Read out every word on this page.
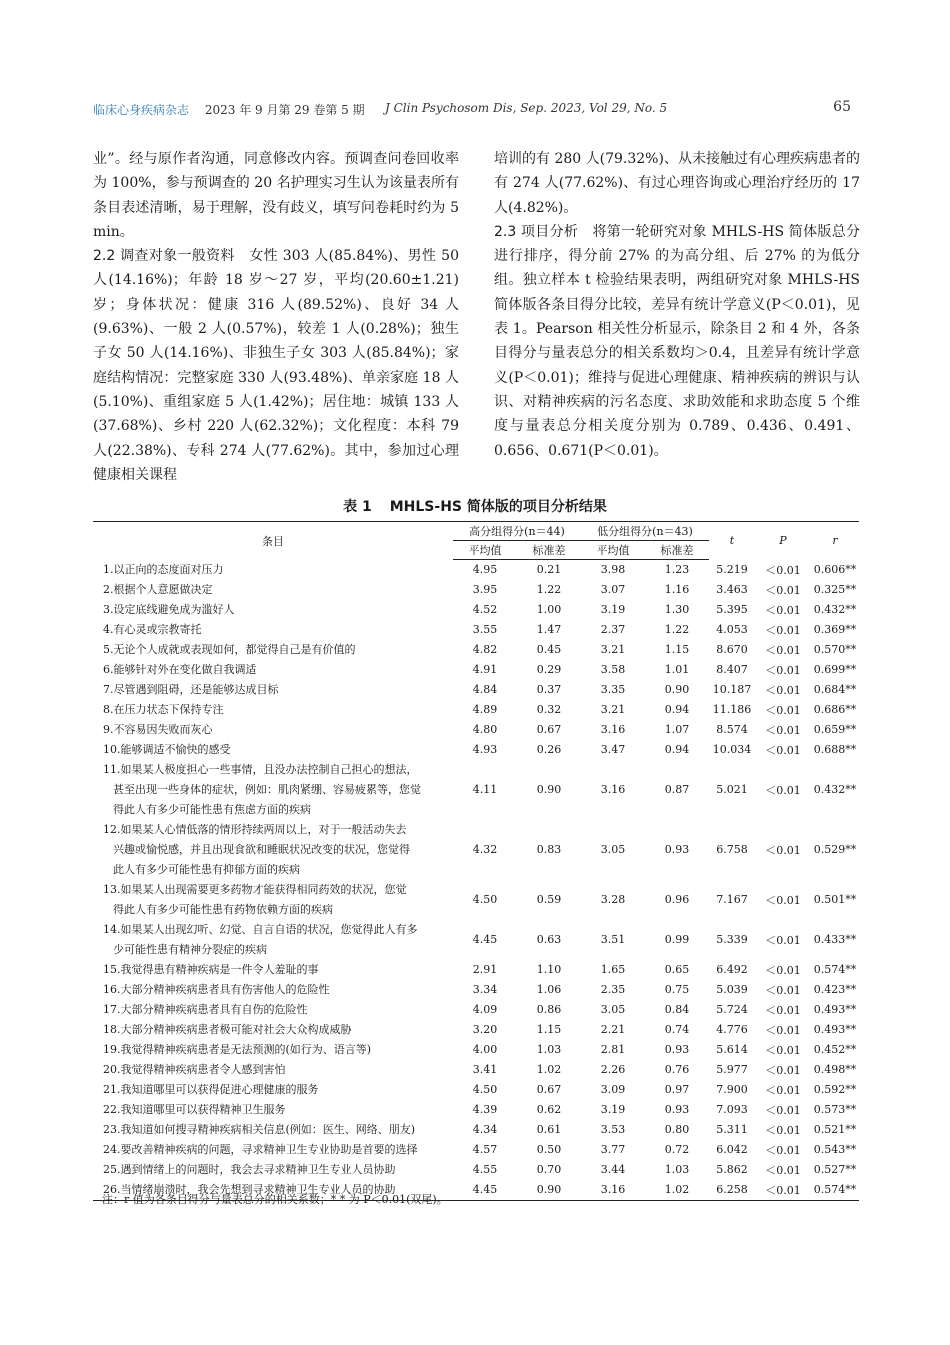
临床心身疾病杂志 2023 年 9 月第 29 卷第 5 期 J Clin Psychosom Dis, Sep. 2023, Vol 29, No. 5	65

业”。经与原作者沟通，同意修改内容。预调查问卷回收率为 100%，参与预调查的 20 名护理实习生认为该量表所有条目表述清晰，易于理解，没有歧义，填写问卷耗时约为 5 min。

2.2 调查对象一般资料 女性 303 人(85.84%)、男性 50 人(14.16%)；年龄 18 岁～27 岁，平均(20.60±1.21)岁；身体状况：健康 316 人(89.52%)、良好 34 人(9.63%)、一般 2 人(0.57%)，较差 1 人(0.28%)；独生子女 50 人(14.16%)、非独生子女 303 人(85.84%)；家庭结构情况：完整家庭 330 人(93.48%)、单亲家庭 18 人(5.10%)、重组家庭 5 人(1.42%)；居住地：城镇 133 人(37.68%)、乡村 220 人(62.32%)；文化程度：本科 79 人(22.38%)、专科 274 人(77.62%)。其中，参加过心理健康相关课程

培训的有 280 人(79.32%)、从未接触过有心理疾病患者的有 274 人(77.62%)、有过心理咨询或心理治疗经历的 17 人(4.82%)。

2.3 项目分析 将第一轮研究对象 MHLS-HS 简体版总分进行排序，得分前 27% 的为高分组、后 27% 的为低分组。独立样本 t 检验结果表明，两组研究对象 MHLS-HS 简体版各条目得分比较，差异有统计学意义(P＜0.01)，见表 1。Pearson 相关性分析显示，除条目 2 和 4 外，各条目得分与量表总分的相关系数均＞0.4，且差异有统计学意义(P＜0.01)；维持与促进心理健康、精神疾病的辨识与认识、对精神疾病的污名态度、求助效能和求助态度 5 个维度与量表总分相关度分别为 0.789、0.436、0.491、0.656、0.671(P＜0.01)。

表 1 MHLS-HS 简体版的项目分析结果
条目	高分组得分(n＝44)		低分组得分(n＝43)		t	P	r
	平均值	标准差	平均值	标准差			

1.以正向的态度面对压力	4.95	0.21	3.98	1.23	5.219	＜0.01	0.606**

2.根据个人意愿做决定	3.95	1.22	3.07	1.16	3.463	＜0.01	0.325**

3.设定底线避免成为滥好人	4.52	1.00	3.19	1.30	5.395	＜0.01	0.432**

4.有心灵或宗教寄托	3.55	1.47	2.37	1.22	4.053	＜0.01	0.369**

5.无论个人成就或表现如何，都觉得自己是有价值的	4.82	0.45	3.21	1.15	8.670	＜0.01	0.570**

6.能够针对外在变化做自我调适	4.91	0.29	3.58	1.01	8.407	＜0.01	0.699**

7.尽管遇到阻碍，还是能够达成目标	4.84	0.37	3.35	0.90	10.187	＜0.01	0.684**

8.在压力状态下保持专注	4.89	0.32	3.21	0.94	11.186	＜0.01	0.686**

9.不容易因失败而灰心	4.80	0.67	3.16	1.07	8.574	＜0.01	0.659**

10.能够调适不愉快的感受	4.93	0.26	3.47	0.94	10.034	＜0.01	0.688**

11.如果某人极度担心一些事情，且没办法控制自己担心的想法，
甚至出现一些身体的症状，例如：肌肉紧绷、容易疲累等，您觉
得此人有多少可能性患有焦虑方面的疾病	4.11	0.90	3.16	0.87	5.021	＜0.01	0.432**

12.如果某人心情低落的情形持续两周以上，对于一般活动失去
兴趣或愉悦感，并且出现食欲和睡眠状况改变的状况，您觉得
此人有多少可能性患有抑郁方面的疾病	4.32	0.83	3.05	0.93	6.758	＜0.01	0.529**

13.如果某人出现需要更多药物才能获得相同药效的状况，您觉
得此人有多少可能性患有药物依赖方面的疾病	4.50	0.59	3.28	0.96	7.167	＜0.01	0.501**

14.如果某人出现幻听、幻觉、自言自语的状况，您觉得此人有多
少可能性患有精神分裂症的疾病	4.45	0.63	3.51	0.99	5.339	＜0.01	0.433**

15.我觉得患有精神疾病是一件令人羞耻的事	2.91	1.10	1.65	0.65	6.492	＜0.01	0.574**

16.大部分精神疾病患者具有伤害他人的危险性	3.34	1.06	2.35	0.75	5.039	＜0.01	0.423**

17.大部分精神疾病患者具有自伤的危险性	4.09	0.86	3.05	0.84	5.724	＜0.01	0.493**

18.大部分精神疾病患者极可能对社会大众构成威胁	3.20	1.15	2.21	0.74	4.776	＜0.01	0.493**

19.我觉得精神疾病患者是无法预测的(如行为、语言等)	4.00	1.03	2.81	0.93	5.614	＜0.01	0.452**

20.我觉得精神疾病患者令人感到害怕	3.41	1.02	2.26	0.76	5.977	＜0.01	0.498**

21.我知道哪里可以获得促进心理健康的服务	4.50	0.67	3.09	0.97	7.900	＜0.01	0.592**

22.我知道哪里可以获得精神卫生服务	4.39	0.62	3.19	0.93	7.093	＜0.01	0.573**

23.我知道如何搜寻精神疾病相关信息(例如：医生、网络、朋友)	4.34	0.61	3.53	0.80	5.311	＜0.01	0.521**

24.要改善精神疾病的问题，寻求精神卫生专业协助是首要的选择	4.57	0.50	3.77	0.72	6.042	＜0.01	0.543**

25.遇到情绪上的问题时，我会去寻求精神卫生专业人员协助	4.55	0.70	3.44	1.03	5.862	＜0.01	0.527**

26.当情绪崩溃时，我会先想到寻求精神卫生专业人员的协助	4.45	0.90	3.16	1.02	6.258	＜0.01	0.574**
注：r 值为各条目得分与量表总分的相关系数；* * 为 P＜0.01(双尾)。
